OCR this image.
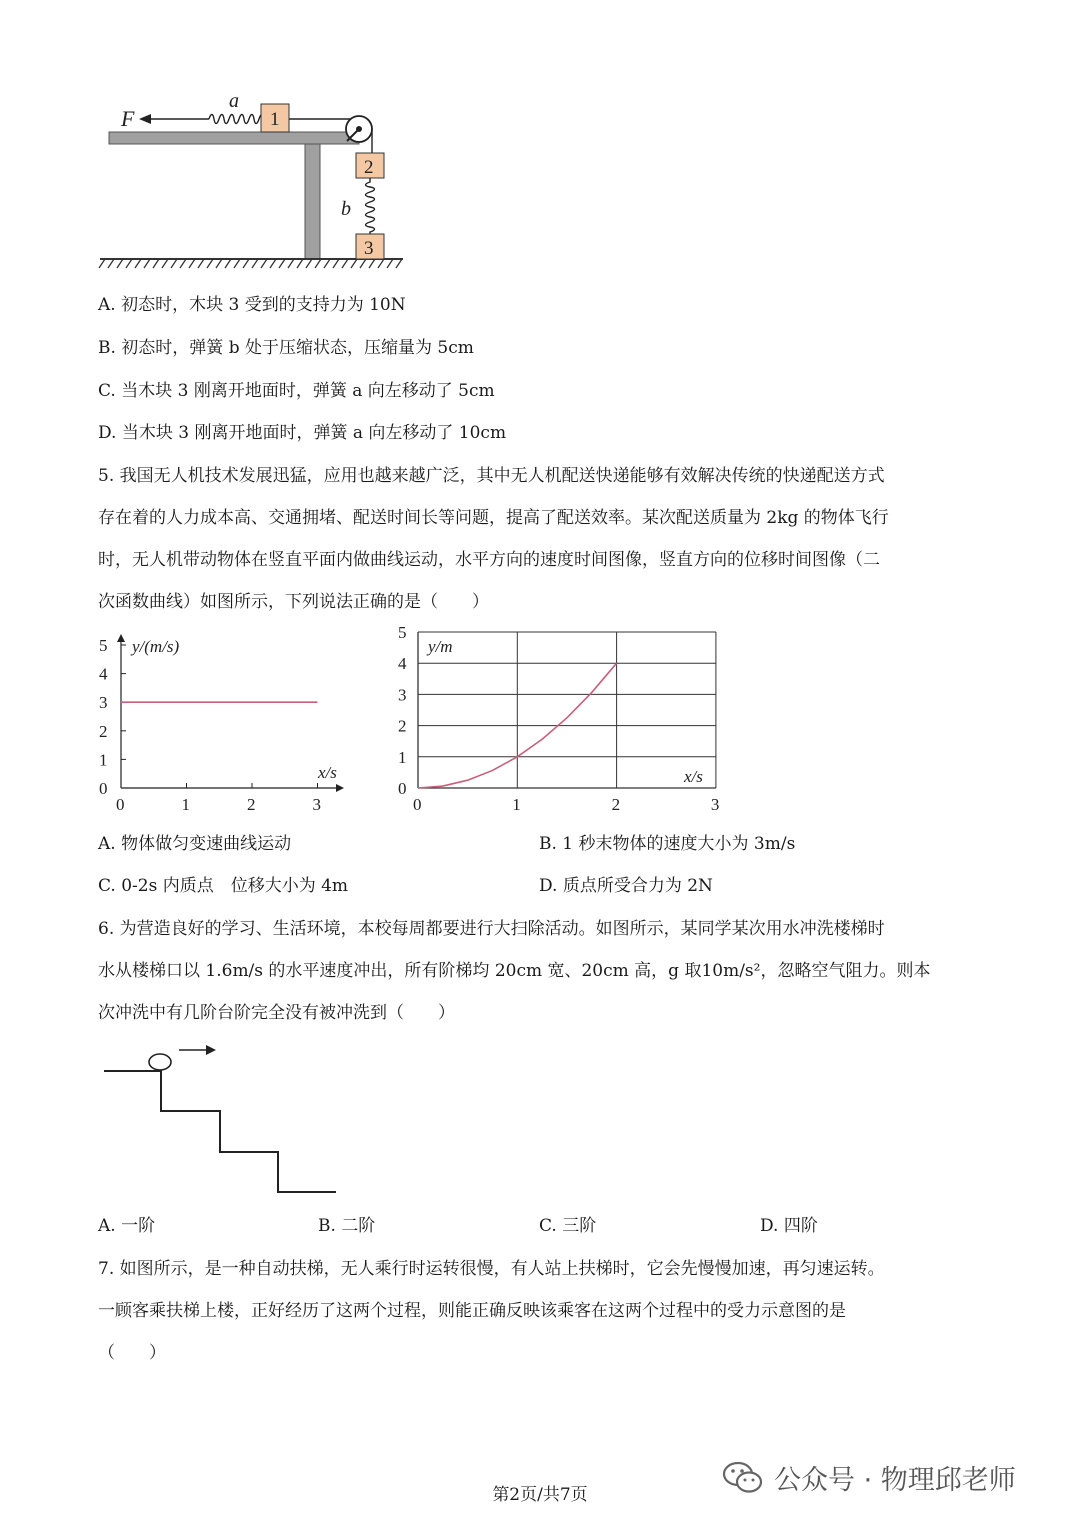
F
a
1
2
b
3
A. 初态时，木块 3 受到的支持力为 10N
B. 初态时，弹簧 b 处于压缩状态，压缩量为 5cm
C. 当木块 3 刚离开地面时，弹簧 a 向左移动了 5cm
D. 当木块 3 刚离开地面时，弹簧 a 向左移动了 10cm
5. 我国无人机技术发展迅猛，应用也越来越广泛，其中无人机配送快递能够有效解决传统的快递配送方式
存在着的人力成本高、交通拥堵、配送时间长等问题，提高了配送效率。某次配送质量为 2kg 的物体飞行
时，无人机带动物体在竖直平面内做曲线运动，水平方向的速度时间图像，竖直方向的位移时间图像（二
次函数曲线）如图所示，下列说法正确的是（　　）
0	1	2	3
0
1
2
3
4
5 y/(m/s)
x/s
0	1	2	3
0
1
2
3
4
5
y/m
x/s
A. 物体做匀变速曲线运动	B. 1 秒末物体的速度大小为 3m/s
C. 0-2s 内质点　位移大小为 4m	D. 质点所受合力为 2N
6. 为营造良好的学习、生活环境，本校每周都要进行大扫除活动。如图所示，某同学某次用水冲洗楼梯时
水从楼梯口以 1.6m/s 的水平速度冲出，所有阶梯均 20cm 宽、20cm 高，g 取10m/s²，忽略空气阻力。则本
次冲洗中有几阶台阶完全没有被冲洗到（　　）
A. 一阶	B. 二阶	C. 三阶	D. 四阶
7. 如图所示，是一种自动扶梯，无人乘行时运转很慢，有人站上扶梯时，它会先慢慢加速，再匀速运转。
一顾客乘扶梯上楼，正好经历了这两个过程，则能正确反映该乘客在这两个过程中的受力示意图的是
（　　）
第2页/共7页	公众号 · 物理邱老师
